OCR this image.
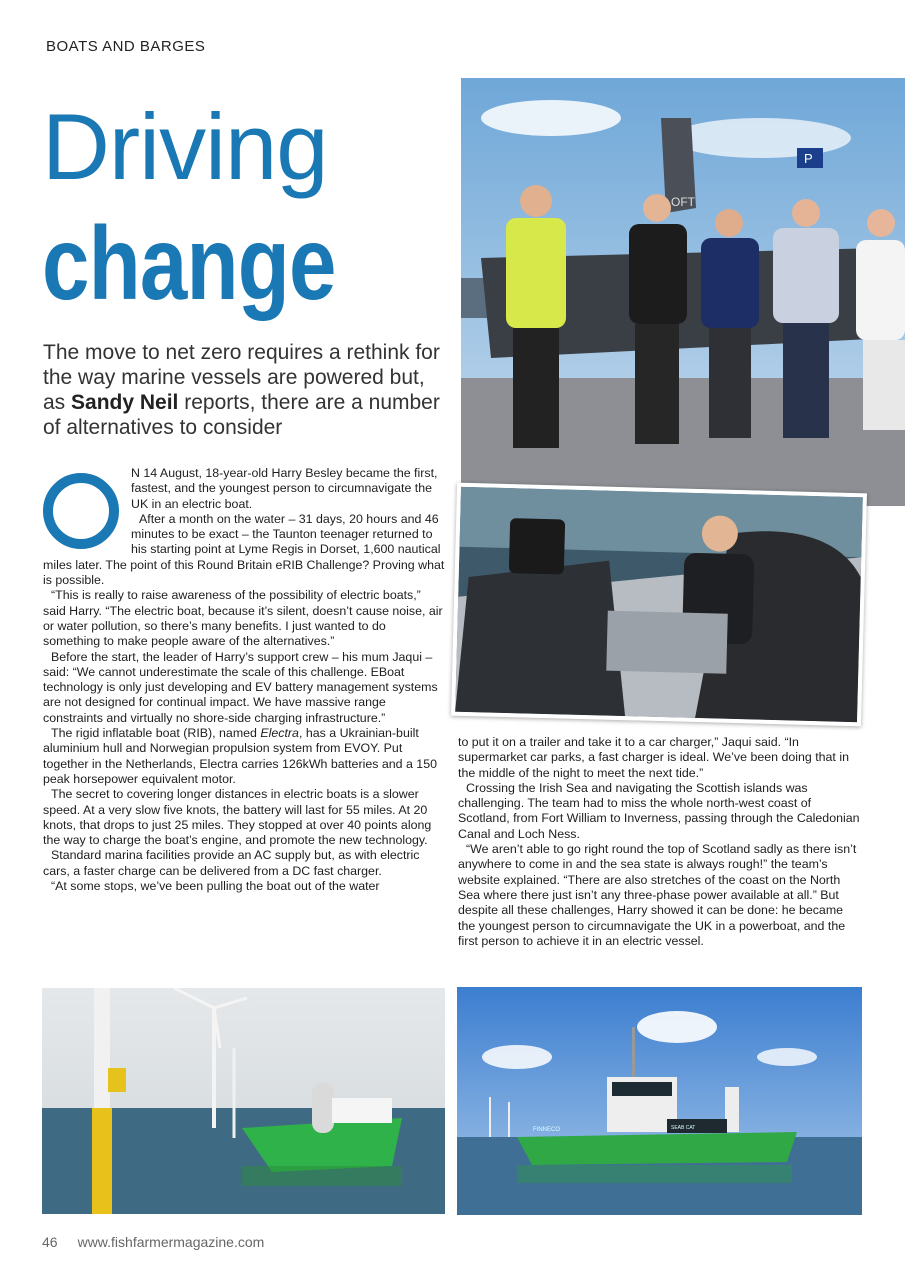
BOATS AND BARGES
Driving
change
The move to net zero requires a rethink for the way marine vessels are powered but, as Sandy Neil reports, there are a number of alternatives to consider
O	N 14 August, 18-year-old Harry Besley became the first, fastest, and the youngest person to circumnavigate the UK in an electric boat.

After a month on the water – 31 days, 20 hours and 46 minutes to be exact – the Taunton teenager returned to his starting point at Lyme Regis in Dorset, 1,600 nautical miles later. The point of this Round Britain eRIB Challenge? Proving what is possible.

“This is really to raise awareness of the possibility of electric boats,” said Harry. “The electric boat, because it’s silent, doesn’t cause noise, air or water pollution, so there’s many benefits. I just wanted to do something to make people aware of the alternatives.”

Before the start, the leader of Harry’s support crew – his mum Jaqui – said: “We cannot underestimate the scale of this challenge. EBoat technology is only just developing and EV battery management systems are not designed for continual impact. We have massive range constraints and virtually no shore-side charging infrastructure.”

The rigid inflatable boat (RIB), named Electra, has a Ukrainian-built aluminium hull and Norwegian propulsion system from EVOY. Put together in the Netherlands, Electra carries 126kWh batteries and a 150 peak horsepower equivalent motor.

The secret to covering longer distances in electric boats is a slower speed. At a very slow five knots, the battery will last for 55 miles. At 20 knots, that drops to just 25 miles. They stopped at over 40 points along the way to charge the boat’s engine, and promote the new technology.

Standard marina facilities provide an AC supply but, as with electric cars, a faster charge can be delivered from a DC fast charger.

“At some stops, we’ve been pulling the boat out of the water

to put it on a trailer and take it to a car charger,” Jaqui said. “In supermarket car parks, a fast charger is ideal. We’ve been doing that in the middle of the night to meet the next tide.”

Crossing the Irish Sea and navigating the Scottish islands was challenging. The team had to miss the whole north-west coast of Scotland, from Fort William to Inverness, passing through the Caledonian Canal and Loch Ness.

“We aren’t able to go right round the top of Scotland sadly as there isn’t anywhere to come in and the sea state is always rough!” the team’s website explained. “There are also stretches of the coast on the North Sea where there just isn’t any three-phase power available at all.” But despite all these challenges, Harry showed it can be done: he became the youngest person to circumnavigate the UK in a powerboat, and the first person to achieve it in an electric vessel.

P
OFT
FINNECO	SEAB CAT
46 www.fishfarmermagazine.com
